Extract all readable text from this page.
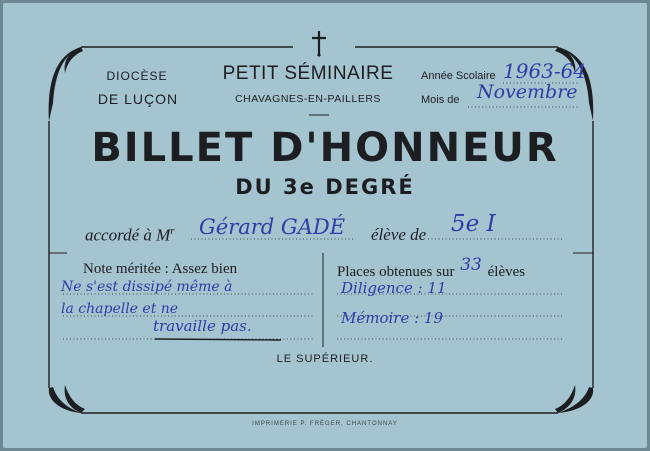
DIOCÈSE
DE LUÇON
PETIT SÉMINAIRE
CHAVAGNES-EN-PAILLERS
Année Scolaire 1963-64
Mois de Novembre
BILLET D'HONNEUR
DU 3e DEGRÉ
accordé à $M^r$ Gérard GADÉ élève de 5e I
Note méritée : Assez bien
Ne s'est dissipé même à
la chapelle et ne
travaille pas.
Places obtenues sur 33 élèves
Diligence : 11
Mémoire : 19
LE SUPÉRIEUR.
IMPRIMERIE P. FRÉGER, CHANTONNAY
